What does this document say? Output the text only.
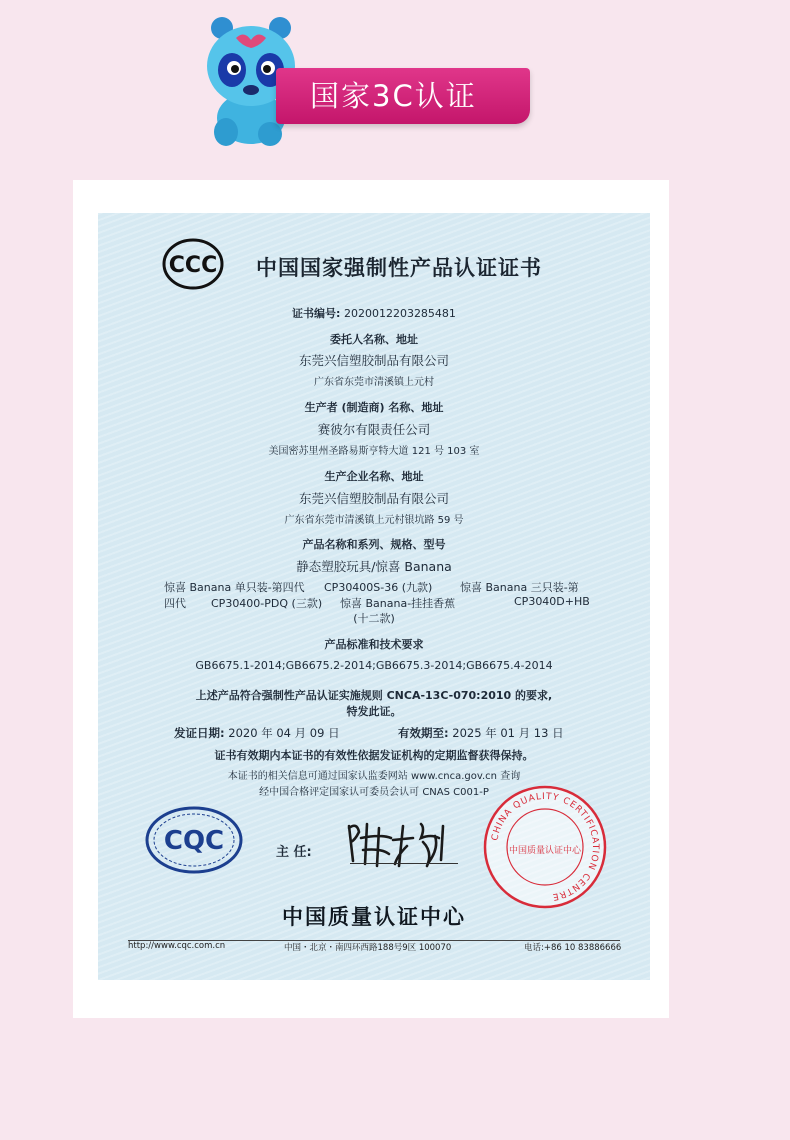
国家3C认证
CCC 中国国家强制性产品认证证书
证书编号: 2020012203285481
委托人名称、地址
东莞兴信塑胶制品有限公司
广东省东莞市清溪镇上元村
生产者 (制造商) 名称、地址
赛彼尔有限责任公司
美国密苏里州圣路易斯亨特大道 121 号 103 室
生产企业名称、地址
东莞兴信塑胶制品有限公司
广东省东莞市清溪镇上元村银坑路 59 号
产品名称和系列、规格、型号
静态塑胶玩具/惊喜 Banana
惊喜 Banana 单只装-第四代 CP30400S-36 (九款)	惊喜 Banana 三只装-第
四代 CP30400-PDQ (三款) 惊喜 Banana-挂挂香蕉	CP3040D+HB
(十二款)
产品标准和技术要求
GB6675.1-2014;GB6675.2-2014;GB6675.3-2014;GB6675.4-2014
上述产品符合强制性产品认证实施规则 CNCA-13C-070:2010 的要求,
特发此证。
发证日期: 2020 年 04 月 09 日	有效期至: 2025 年 01 月 13 日
证书有效期内本证书的有效性依据发证机构的定期监督获得保持。
本证书的相关信息可通过国家认监委网站 www.cnca.gov.cn 查询
经中国合格评定国家认可委员会认可 CNAS C001-P
CQC	主 任:
CHINA QUALITY CERTIFICATION CENTRE
中国质量认证中心
中国质量认证中心
http://www.cqc.com.cn	中国・北京・南四环西路188号9区 100070	电话:+86 10 83886666
